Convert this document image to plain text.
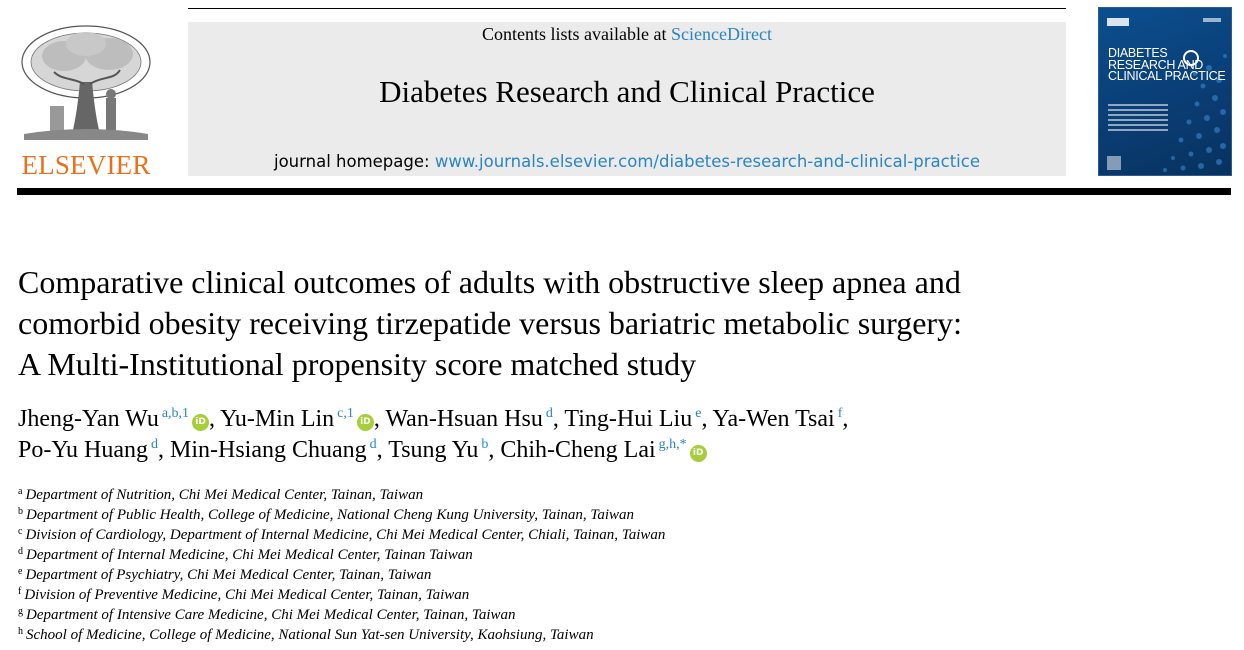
ELSEVIER
Contents lists available at ScienceDirect
Diabetes Research and Clinical Practice
journal homepage: www.journals.elsevier.com/diabetes-research-and-clinical-practice
DIABETES
RESEARCH AND
CLINICAL PRACTICE
Comparative clinical outcomes of adults with obstructive sleep apnea and
comorbid obesity receiving tirzepatide versus bariatric metabolic surgery:
A Multi-Institutional propensity score matched study
Jheng-Yan Wu $^{a,b,1}$iD , Yu-Min Lin $^{c,1}$iD , Wan-Hsuan Hsu $^d$, Ting-Hui Liu $^e$, Ya-Wen Tsai $^f$,
Po-Yu Huang $^d$, Min-Hsiang Chuang $^d$, Tsung Yu $^b$, Chih-Cheng Lai $^{g,h,*}$iD
$^a$ Department of Nutrition, Chi Mei Medical Center, Tainan, Taiwan
$^b$ Department of Public Health, College of Medicine, National Cheng Kung University, Tainan, Taiwan
$^c$ Division of Cardiology, Department of Internal Medicine, Chi Mei Medical Center, Chiali, Tainan, Taiwan
$^d$ Department of Internal Medicine, Chi Mei Medical Center, Tainan Taiwan
$^e$ Department of Psychiatry, Chi Mei Medical Center, Tainan, Taiwan
$^f$ Division of Preventive Medicine, Chi Mei Medical Center, Tainan, Taiwan
$^g$ Department of Intensive Care Medicine, Chi Mei Medical Center, Tainan, Taiwan
$^h$ School of Medicine, College of Medicine, National Sun Yat-sen University, Kaohsiung, Taiwan
